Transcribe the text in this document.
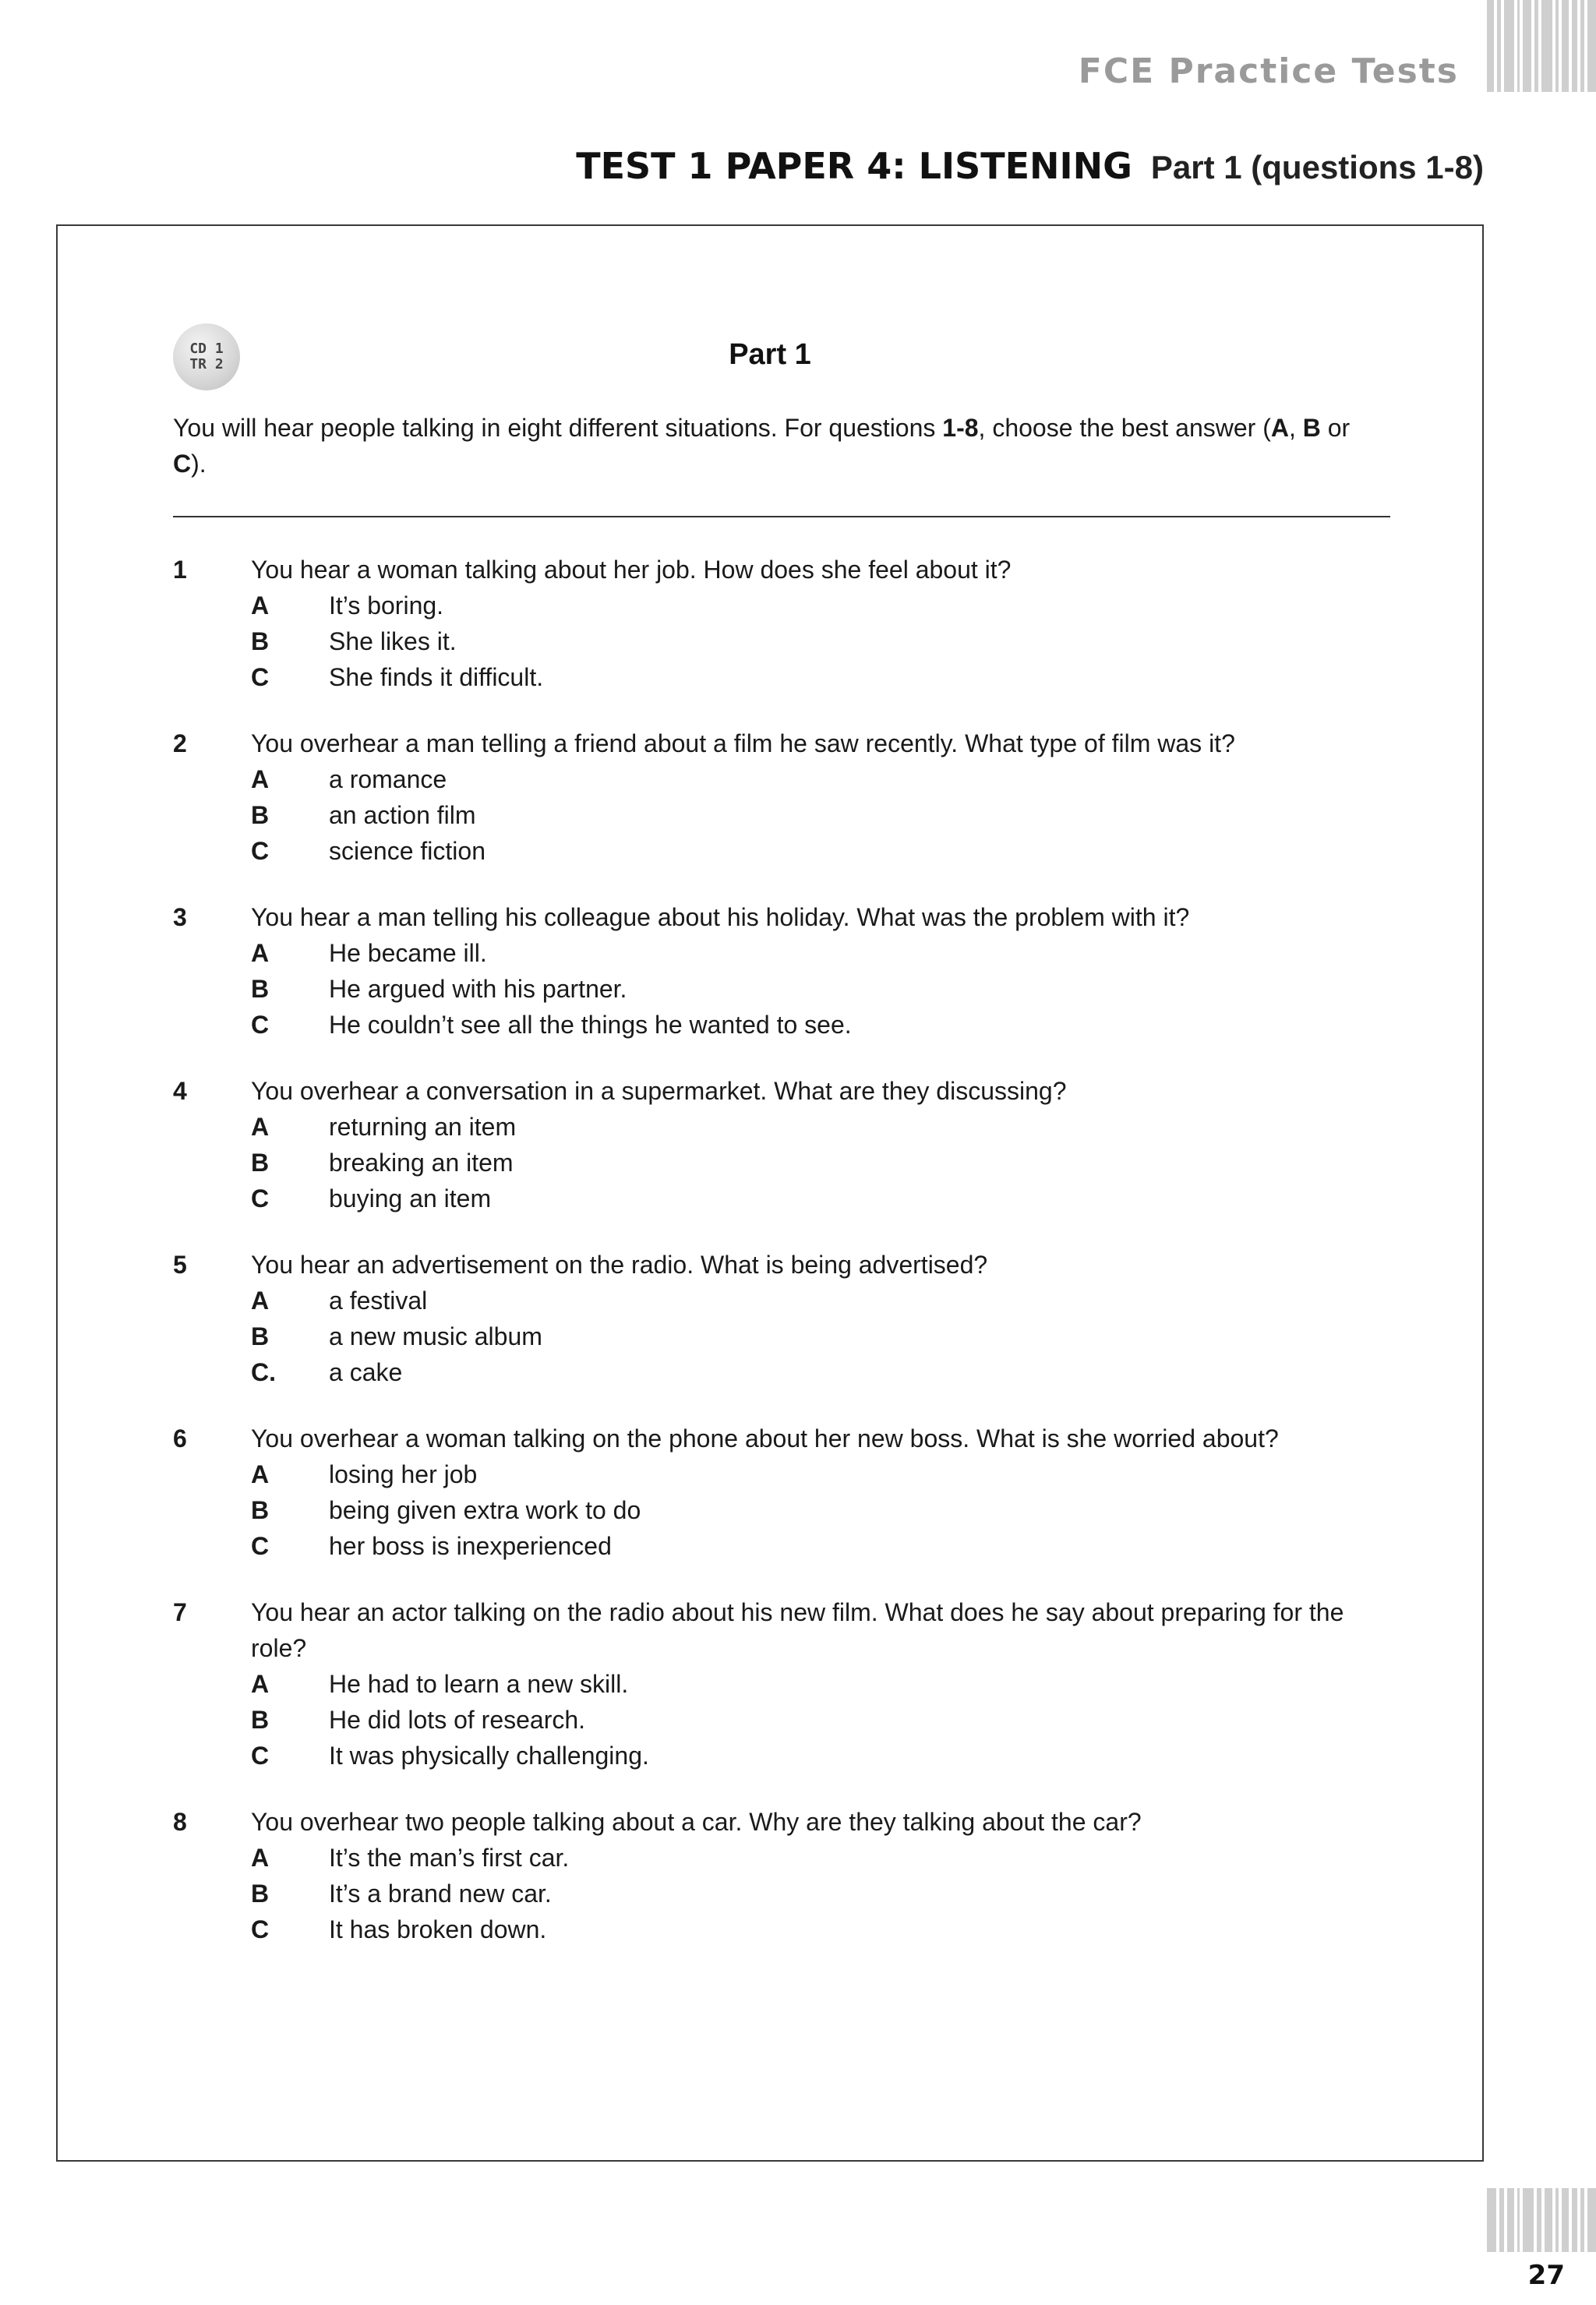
FCE Practice Tests

TEST 1 PAPER 4: LISTENING Part 1 (questions 1-8)
CD 1
TR 2	Part 1

You will hear people talking in eight different situations. For questions 1-8, choose the best answer (A, B or C).

1	You hear a woman talking about her job. How does she feel about it?
A	It’s boring.
B	She likes it.
C	She finds it difficult.
2	You overhear a man telling a friend about a film he saw recently. What type of film was it?
A	a romance
B	an action film
C	science fiction
3	You hear a man telling his colleague about his holiday. What was the problem with it?
A	He became ill.
B	He argued with his partner.
C	He couldn’t see all the things he wanted to see.
4	You overhear a conversation in a supermarket. What are they discussing?
A	returning an item
B	breaking an item
C	buying an item
5	You hear an advertisement on the radio. What is being advertised?
A	a festival
B	a new music album
C.	a cake
6	You overhear a woman talking on the phone about her new boss. What is she worried about?
A	losing her job
B	being given extra work to do
C	her boss is inexperienced
7	You hear an actor talking on the radio about his new film. What does he say about preparing for the role?
A	He had to learn a new skill.
B	He did lots of research.
C	It was physically challenging.
8	You overhear two people talking about a car. Why are they talking about the car?
A	It’s the man’s first car.
B	It’s a brand new car.
C	It has broken down.

27
